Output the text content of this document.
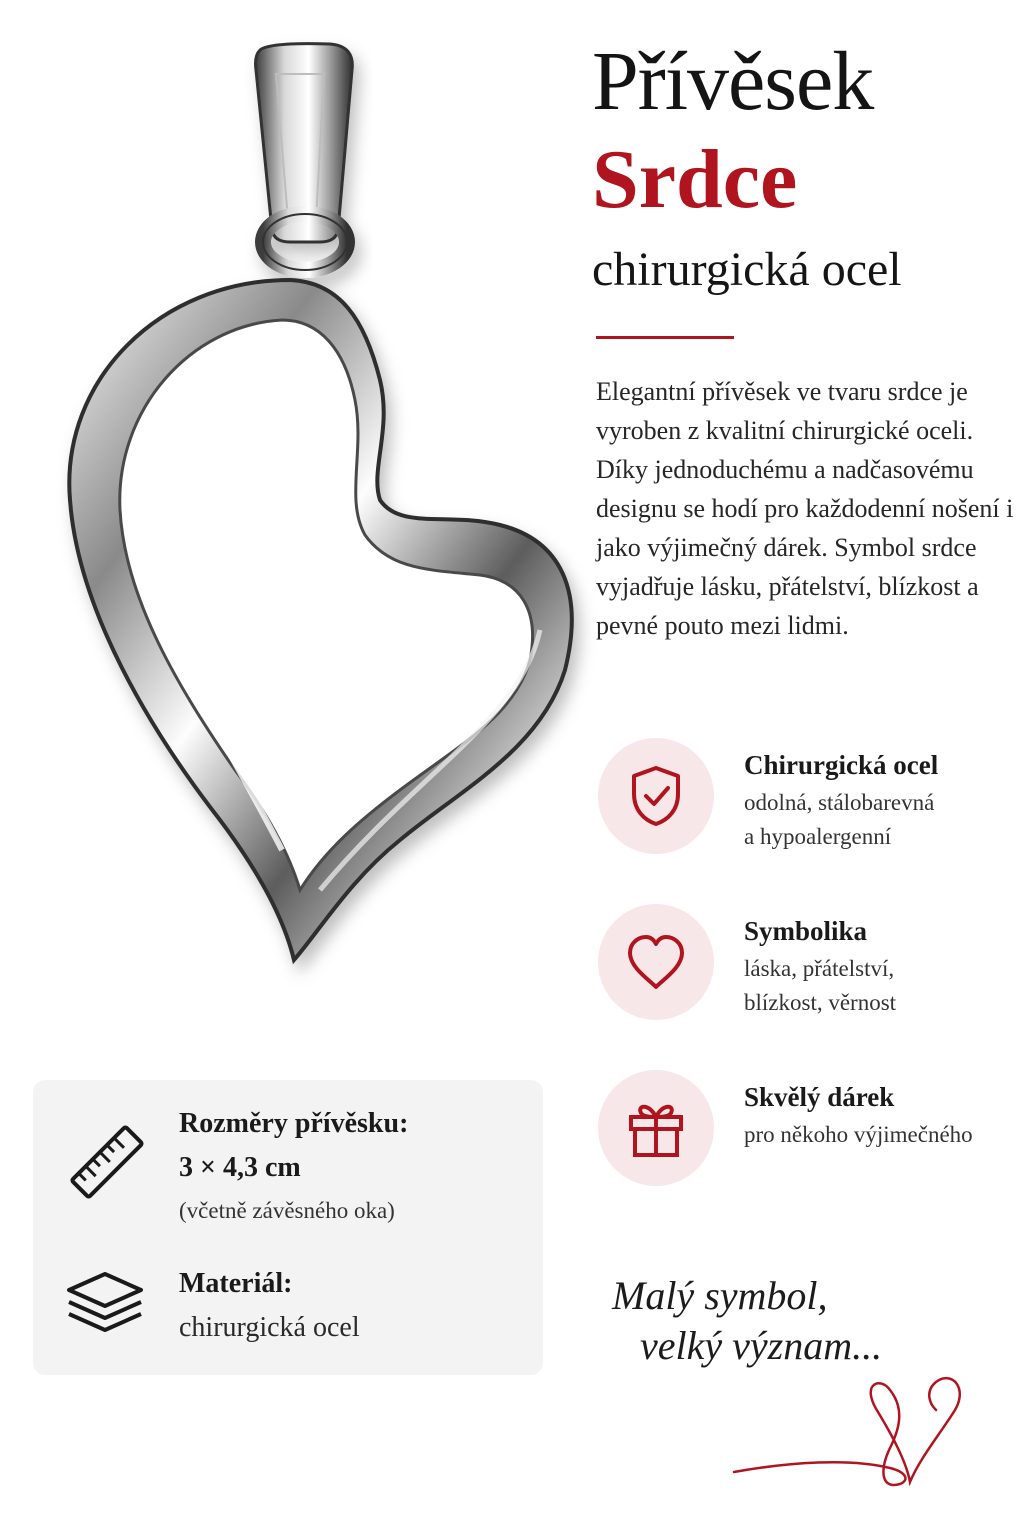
Přívěsek
Srdce
chirurgická ocel
Elegantní přívěsek ve tvaru srdce je vyroben z kvalitní chirurgické oceli. Díky jednoduchému a nadčasovému designu se hodí pro každodenní nošení i jako výjimečný dárek. Symbol srdce vyjadřuje lásku, přátelství, blízkost a pevné pouto mezi lidmi.
Chirurgická ocel
odolná, stálobarevná
a hypoalergenní
Symbolika
láska, přátelství,
blízkost, věrnost
Skvělý dárek
pro někoho výjimečného
Rozměry přívěsku:
3 × 4,3 cm
(včetně závěsného oka)
Materiál:
chirurgická ocel
Malý symbol,
velký význam...
